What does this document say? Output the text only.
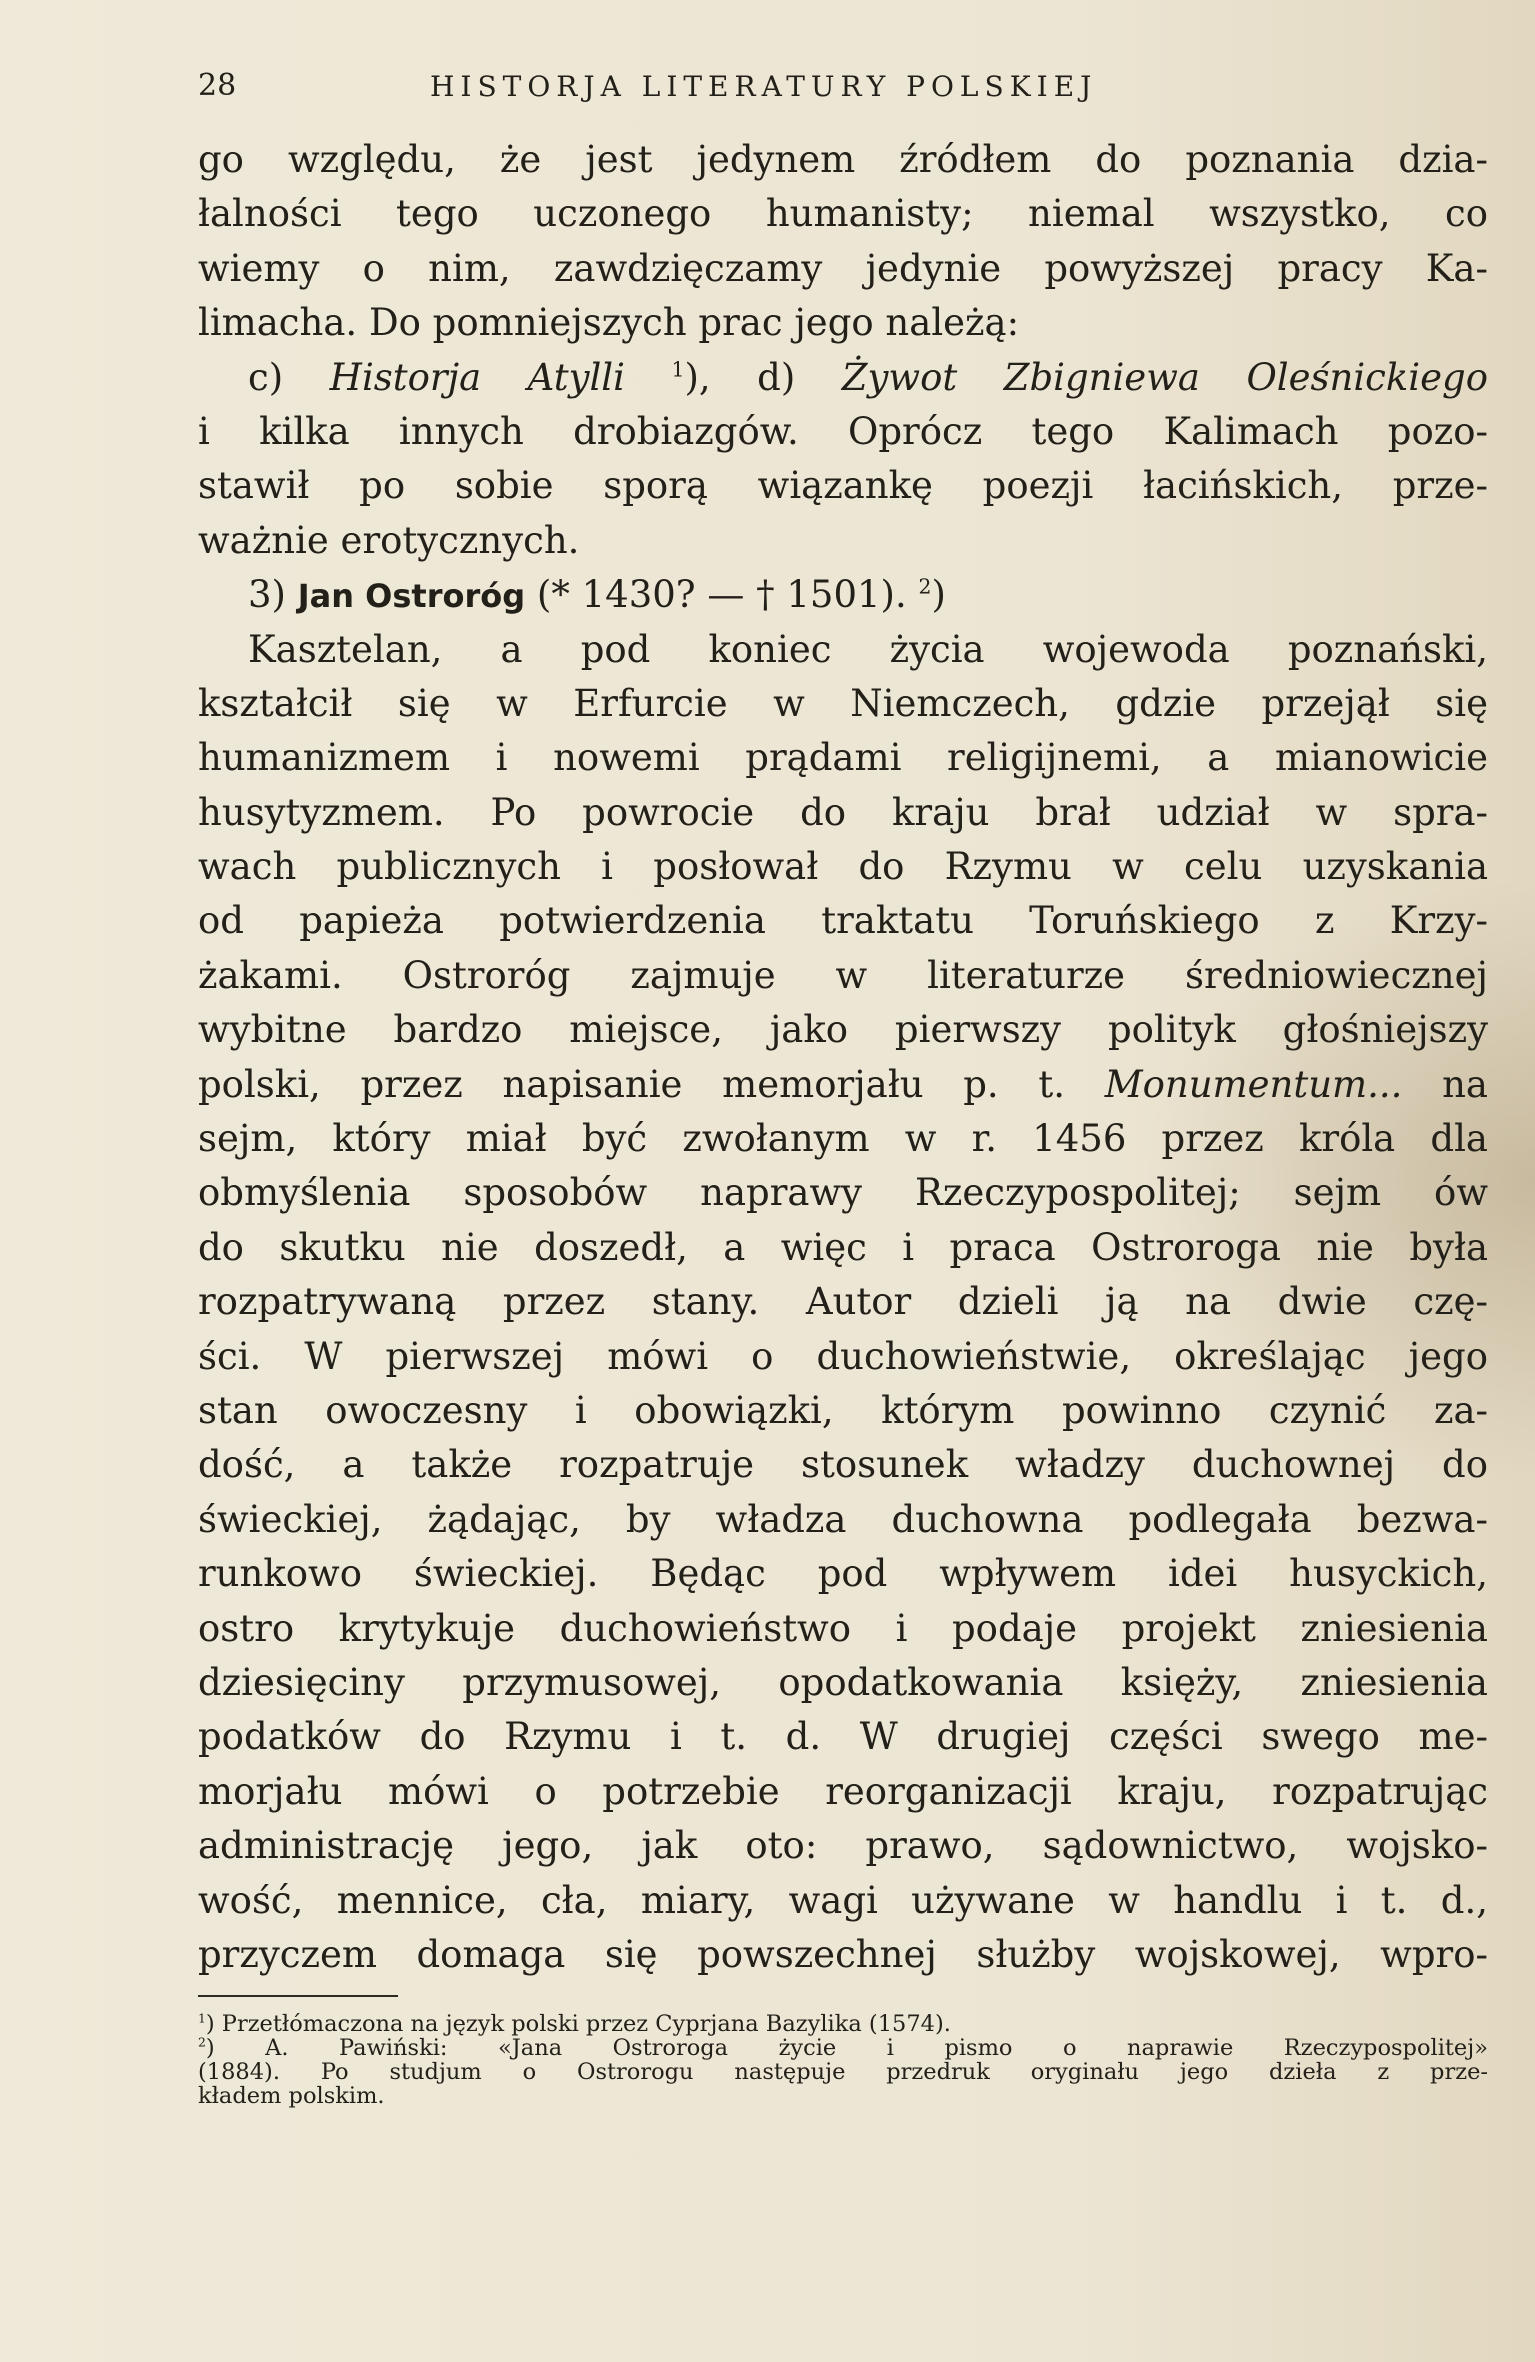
28	HISTORJA LITERATURY POLSKIEJ
go względu, że jest jedynem źródłem do poznania dzia-
łalności tego uczonego humanisty; niemal wszystko, co
wiemy o nim, zawdzięczamy jedynie powyższej pracy Ka-
limacha. Do pomniejszych prac jego należą:
c) Historja Atylli $^1$), d) Żywot Zbigniewa Oleśnickiego
i kilka innych drobiazgów. Oprócz tego Kalimach pozo-
stawił po sobie sporą wiązankę poezji łacińskich, prze-
ważnie erotycznych.
3) Jan Ostroróg (* 1430? — † 1501). $^2$)
Kasztelan, a pod koniec życia wojewoda poznański,
kształcił się w Erfurcie w Niemczech, gdzie przejął się
humanizmem i nowemi prądami religijnemi, a mianowicie
husytyzmem. Po powrocie do kraju brał udział w spra-
wach publicznych i posłował do Rzymu w celu uzyskania
od papieża potwierdzenia traktatu Toruńskiego z Krzy-
żakami. Ostroróg zajmuje w literaturze średniowiecznej
wybitne bardzo miejsce, jako pierwszy polityk głośniejszy
polski, przez napisanie memorjału p. t. Monumentum... na
sejm, który miał być zwołanym w r. 1456 przez króla dla
obmyślenia sposobów naprawy Rzeczypospolitej; sejm ów
do skutku nie doszedł, a więc i praca Ostroroga nie była
rozpatrywaną przez stany. Autor dzieli ją na dwie czę-
ści. W pierwszej mówi o duchowieństwie, określając jego
stan owoczesny i obowiązki, którym powinno czynić za-
dość, a także rozpatruje stosunek władzy duchownej do
świeckiej, żądając, by władza duchowna podlegała bezwa-
runkowo świeckiej. Będąc pod wpływem idei husyckich,
ostro krytykuje duchowieństwo i podaje projekt zniesienia
dziesięciny przymusowej, opodatkowania księży, zniesienia
podatków do Rzymu i t. d. W drugiej części swego me-
morjału mówi o potrzebie reorganizacji kraju, rozpatrując
administrację jego, jak oto: prawo, sądownictwo, wojsko-
wość, mennice, cła, miary, wagi używane w handlu i t. d.,
przyczem domaga się powszechnej służby wojskowej, wpro-
$^1$) Przetłómaczona na język polski przez Cyprjana Bazylika (1574).
$^2$) A. Pawiński: «Jana Ostroroga życie i pismo o naprawie Rzeczypospolitej»
(1884). Po studjum o Ostrorogu następuje przedruk oryginału jego dzieła z prze-
kładem polskim.
